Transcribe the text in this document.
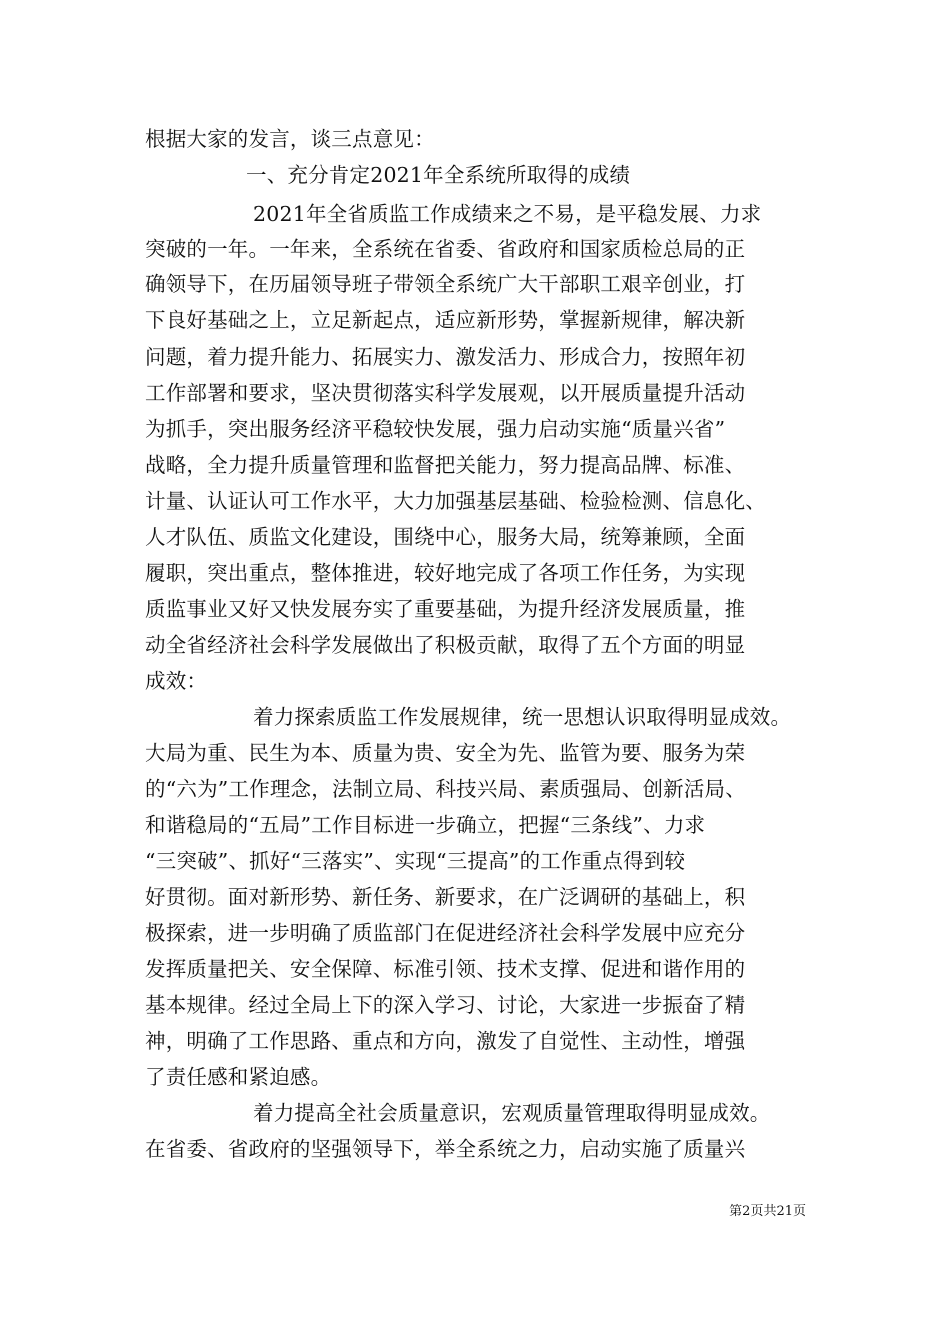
根据大家的发言，谈三点意见：
一、充分肯定2021年全系统所取得的成绩
2021年全省质监工作成绩来之不易，是平稳发展、力求
突破的一年。一年来，全系统在省委、省政府和国家质检总局的正
确领导下，在历届领导班子带领全系统广大干部职工艰辛创业，打
下良好基础之上，立足新起点，适应新形势，掌握新规律，解决新
问题，着力提升能力、拓展实力、激发活力、形成合力，按照年初
工作部署和要求，坚决贯彻落实科学发展观，以开展质量提升活动
为抓手，突出服务经济平稳较快发展，强力启动实施“质量兴省”
战略，全力提升质量管理和监督把关能力，努力提高品牌、标准、
计量、认证认可工作水平，大力加强基层基础、检验检测、信息化、
人才队伍、质监文化建设，围绕中心，服务大局，统筹兼顾，全面
履职，突出重点，整体推进，较好地完成了各项工作任务，为实现
质监事业又好又快发展夯实了重要基础，为提升经济发展质量，推
动全省经济社会科学发展做出了积极贡献，取得了五个方面的明显
成效：
着力探索质监工作发展规律，统一思想认识取得明显成效。
大局为重、民生为本、质量为贵、安全为先、监管为要、服务为荣
的“六为”工作理念，法制立局、科技兴局、素质强局、创新活局、
和谐稳局的“五局”工作目标进一步确立，把握“三条线”、力求
“三突破”、抓好“三落实”、实现“三提高”的工作重点得到较
好贯彻。面对新形势、新任务、新要求，在广泛调研的基础上，积
极探索，进一步明确了质监部门在促进经济社会科学发展中应充分
发挥质量把关、安全保障、标准引领、技术支撑、促进和谐作用的
基本规律。经过全局上下的深入学习、讨论，大家进一步振奋了精
神，明确了工作思路、重点和方向，激发了自觉性、主动性，增强
了责任感和紧迫感。
着力提高全社会质量意识，宏观质量管理取得明显成效。
在省委、省政府的坚强领导下，举全系统之力，启动实施了质量兴
第2页共21页
